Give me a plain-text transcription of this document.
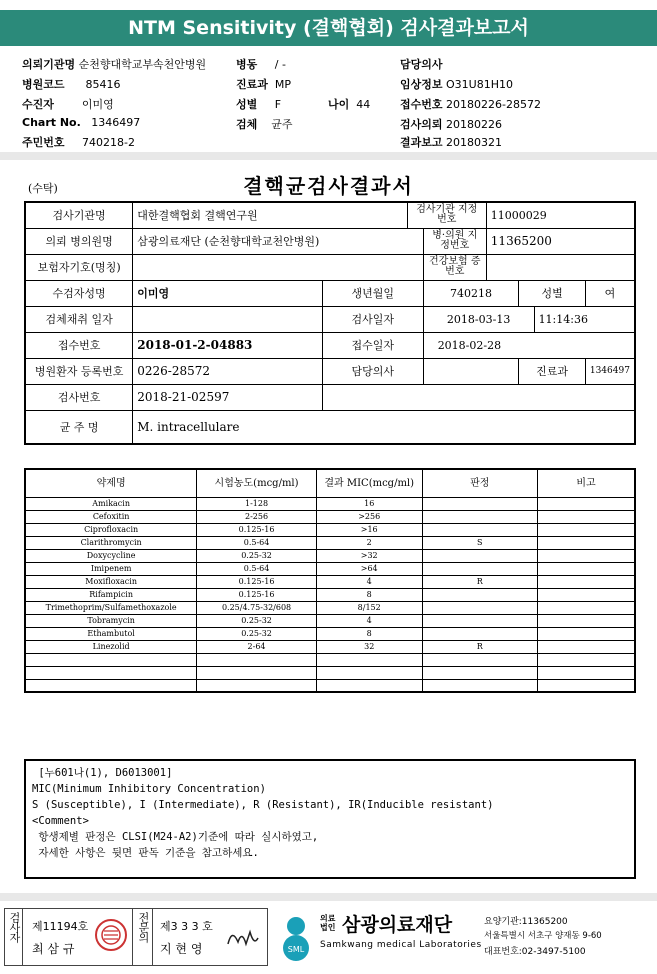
NTM Sensitivity (결핵협회) 검사결과보고서
의뢰기관명 순천향대학교부속천안병원	병동 / -	담당의사
병원코드 85416	진료과 MP	임상정보 O31U81H10
수진자	이미영	성별 F	나이 44	접수번호 20180226-28572
Chart No. 1346497	검체 균주	검사의뢰 20180226
주민번호 740218-2	결과보고 20180321
(수탁)	결핵균검사결과서
검사기관명	대한결핵협회 결핵연구원		검사기관 지정번호		11000029			
의뢰 병의원명	삼광의료재단 (순천향대학교천안병원)			병·의원 지정번호	11365200			
보험자기호(명칭)				건강보험 증번호				
수검자성명	이미영	생년월일		740218		성별		여
검체채취 일자		검사일자		2018-03-13			11:14:36	
접수번호	2018-01-2-04883	접수일자		2018-02-28				
병원환자 등록번호	0226-28572	담당의사				진료과		1346497
검사번호	2018-21-02597							
균 주 명	M. intracellulare							
약제명	시험농도(mcg/ml)	결과 MIC(mcg/ml)	판정	비고
Amikacin	1-128	16		
Cefoxitin	2-256	>256		
Ciprofloxacin	0.125-16	>16		
Clarithromycin	0.5-64	2	S	
Doxycycline	0.25-32	>32		
Imipenem	0.5-64	>64		
Moxifloxacin	0.125-16	4	R	
Rifampicin	0.125-16	8		
Trimethoprim/Sulfamethoxazole	0.25/4.75-32/608	8/152		
Tobramycin	0.25-32	4		
Ethambutol	0.25-32	8		
Linezolid	2-64	32	R	

[누601나(1), D6013001]
MIC(Minimum Inhibitory Concentration)
S (Susceptible), I (Intermediate), R (Resistant), IR(Inducible resistant)
<Comment>
항생제별 판정은 CLSI(M24-A2)기준에 따라 실시하였고,
자세한 사항은 뒷면 판독 기준을 참고하세요.
검사자 제11194호
최 삼 규
전문의 제3 3 3 호
지 현 영	SML
의료 법인 삼광의료재단
Samkwang medical Laboratories
요양기관:11365200
서울특별시 서초구 양재동 9-60
대표번호:02-3497-5100
